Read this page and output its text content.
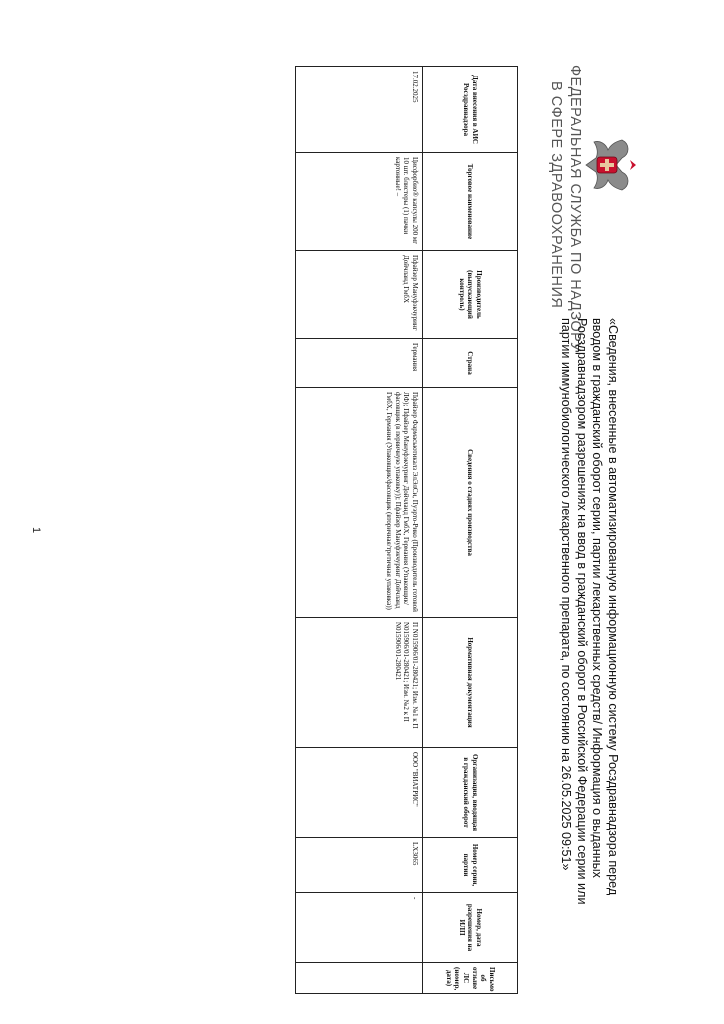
ФЕДЕРАЛЬНАЯ СЛУЖБА ПО НАДЗОРУ
В СФЕРЕ ЗДРАВООХРАНЕНИЯ
«Сведения, внесенные в автоматизированную информационную систему Росздравнадзора перед вводом в гражданский оборот серии, партии лекарственных средств/ Информация о выданных Росздравнадзором разрешениях на ввод в гражданский оборот в Российской Федерации серии или партии иммунобиологического лекарственного препарата, по состоянию на 26.05.2025 09:51»
Дата внесения в АИС Росздравнадзора	Торговое наименование	Производитель (выпускающий контроль)	Страна	Сведения о стадиях производства	Нормативная документация	Организация, вводящая в гражданский оборот	Номер серии, партии	Номер, дата разрешения на ИЛП	Письмо об отзыве ЛС (номер, дата)
17.02.2025	Цисфорбио® капсулы 200 мг 10 шт. блистеры (1) пачки картонные! –	Пфайзер Мануфэкчуринг Дойчланд ГмбХ	Германия	Пфайзер Фармасьютикалз ЭлЭлСи, Пуэрто-Рико (Производитель готовой ЛФ); Пфайзер Мануфэкчуринг Дойчланд ГмбХ, Германия (Упаковщик/фасовщик (в первичную упаковку)); Пфайзер Мануфэкчуринг Дойчланд ГмбХ, Германия (Упаковщик/фасовщик (вторичная/третичная упаковка))	П N015906/01-280421; Изм. №1 к П N015906/01-280421; Изм. №2 к П N015906/01-280421	ООО "ВИАТРИС"	LX3065	-	
1
